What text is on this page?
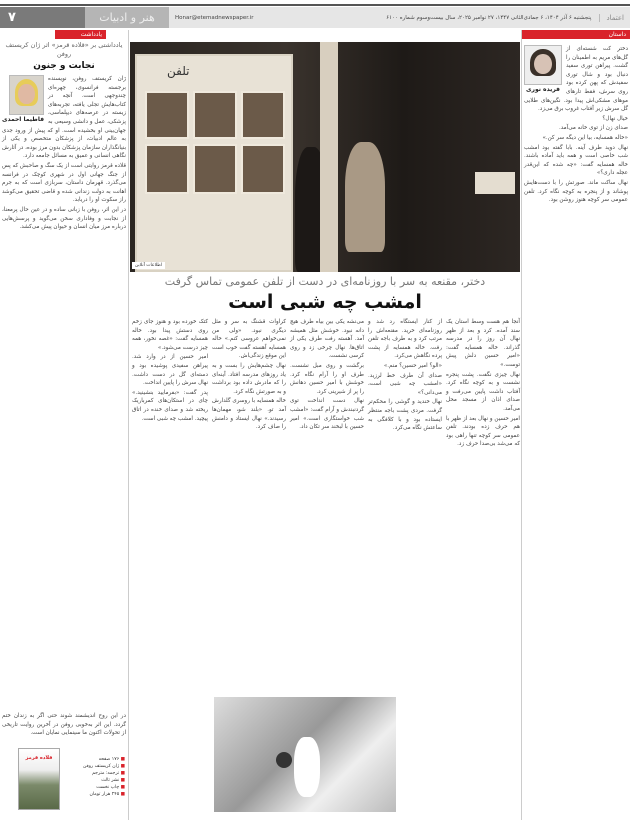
۷	هنر و ادبیات	Honar@etemadnewspaper.ir	پنجشنبه ۶ آذر ۱۴۰۴، ۶ جمادی‌الثانی ۱۴۴۷، ۲۷ نوامبر ۲۰۲۵، سال بیست‌وسوم شماره ۶۱۰۰	اعتماد
یادداشت
یادداشتی بر «قلاده قرمز» اثر ژان کریستف روفن
نجابت و جنون
فاطیما احمدی

ژان کریستف روفن، نویسنده برجسته فرانسوی، چهره‌ای چندوجهی است. آنچه در کتاب‌هایش تجلی یافته، تجربه‌های زیسته در عرصه‌های دیپلماسی، پزشکی، عمل و دانشی وسیعی به جهان‌بینی او بخشیده است. او که پیش از ورود جدی به عالم ادبیات، از پزشکان متخصص و یکی از بنیانگذاران سازمان پزشکان بدون مرز بوده، در آثارش نگاهی انسانی و عمیق به مسائل جامعه دارد.

قلاده قرمز روایتی است از یک سگ و صاحبش که پس از جنگ جهانی اول در شهری کوچک در فرانسه می‌گذرد. قهرمان داستان، سربازی است که به جرم اهانت به دولت زندانی شده و قاضی تحقیق می‌کوشد راز سکوت او را دریابد.

در این اثر، روفن با زبانی ساده و در عین حال پرمعنا، از نجابت و وفاداری سخن می‌گوید و پرسش‌هایی درباره مرز میان انسان و حیوان پیش می‌کشد.

در این روح اندیشمند شوند حتی اگر به زندان ختم گردد. این اثر به‌خوبی روفن در آخرین روایت تاریخی از تحولات اکنون ما سینمایی نمایان است.
قلاده قرمز	■ ۱۷۶ صفحه
■ ژان کریستف روفن
■ ترجمه: مترجم
■ نشر ثالث
■ چاپ نخست
■ ۲۴۵ هزار تومان
داستان
فریده نوری

دختر کت شسته‌ای از گل‌های مریم به اطمینان را گشت. پیراهن توری سفید دنبال بود و شال توری سفیدش که پهن کرده بود روی سرش، فقط تارهای موهای مشکی‌اش پیدا بود. نگین‌های طلایی گل سرش زیر آفتاب غروب برق می‌زد.

خیال نهال؟

صدای زن از توی خانه می‌آمد.

«خاله همسایه، بیا این دیگه سر کن.»

نهال دوید طرف آینه. بابا گفته بود امشب شب خاصی است و همه باید آماده باشند. خاله همسایه گفت: «چه شده که این‌قدر عجله داری؟»

نهال ساکت ماند. صورتش را با دست‌هایش پوشاند و از پنجره به کوچه نگاه کرد. تلفن عمومی سر کوچه هنوز روشن بود.

تلفن
اطلاعات آنلاین
دختر، مقنعه به سر با روزنامه‌ای در دست از تلفن عمومی تماس گرفت
امشب چه شبی است

آنجا هم هست وسط استان یک سند آمده. کرد و بعد از ظهر نهال آن روز را در مدرسه گذراند. خاله همسایه گفت: «امیر حسین دلش پیش توست.»

نهال چیزی نگفت. پشت پنجره نشست و به کوچه نگاه کرد. آفتاب داشت پایین می‌رفت و صدای اذان از مسجد محل می‌آمد.

امیر حسین و نهال بعد از ظهر با هم حرف زده بودند. تلفن عمومی سر کوچه تنها راهی بود که می‌شد بی‌صدا حرف زد.

از کنار ایستگاه رد شد و روزنامه‌ای خرید. مقنعه‌اش را مرتب کرد و به طرف باجه تلفن رفت. خاله همسایه از پشت پرده نگاهش می‌کرد.

«الو؟ امیر حسین؟ منم.»

صدای آن طرف خط لرزید. «امشب چه شبی است، می‌دانی؟»

نهال خندید و گوشی را محکم‌تر گرفت. مردی پشت باجه منتظر ایستاده بود و با کلافگی به ساعتش نگاه می‌کرد.

می‌نشه یکی بین بیاه طرف هیچ دانه نبود. خوشش مثل همیشه آمد. آهسته رفت طرف یکی از اتاق‌ها. نهال چرخی زد و روی کرسی نشست.

برگشت و روی مبل نشست. طرف او را آرام نگاه کرد. خوشش با امیر حسین دهانش را پر از شیرینی کرد.

نهال دست انداخت توی گردنبندش و آرام گفت: «امشب شب خواستگاری است.» امیر حسین با لبخند سر تکان داد.

کراوات قشنگ به سر و مثل دیگری نبود. «ولی من نمی‌خواهم عروسی کنم.» خاله همسایه آهسته گفت خوب است این موقع زندگی‌اش.

نهال چشم‌هایش را بست و به یاد روزهای مدرسه افتاد. آینه‌ای را که مادرش داده بود برداشت و به صورتش نگاه کرد.

خاله همسایه با روسری گلدارش آمد تو. «بلند شو، مهمان‌ها رسیدند.» نهال ایستاد و دامنش را صاف کرد.

کتک خورده بود و هنوز جای زخم روی دستش پیدا بود. خاله همسایه گفت: «غصه نخور، همه چیز درست می‌شود.»

امیر حسین از در وارد شد. پیراهن سفیدی پوشیده بود و دسته‌ای گل در دست داشت. نهال سرش را پایین انداخت.

پدر گفت: «بفرمایید بنشینید.» چای در استکان‌های کمرباریک ریخته شد و صدای خنده در اتاق پیچید. امشب چه شبی است.
